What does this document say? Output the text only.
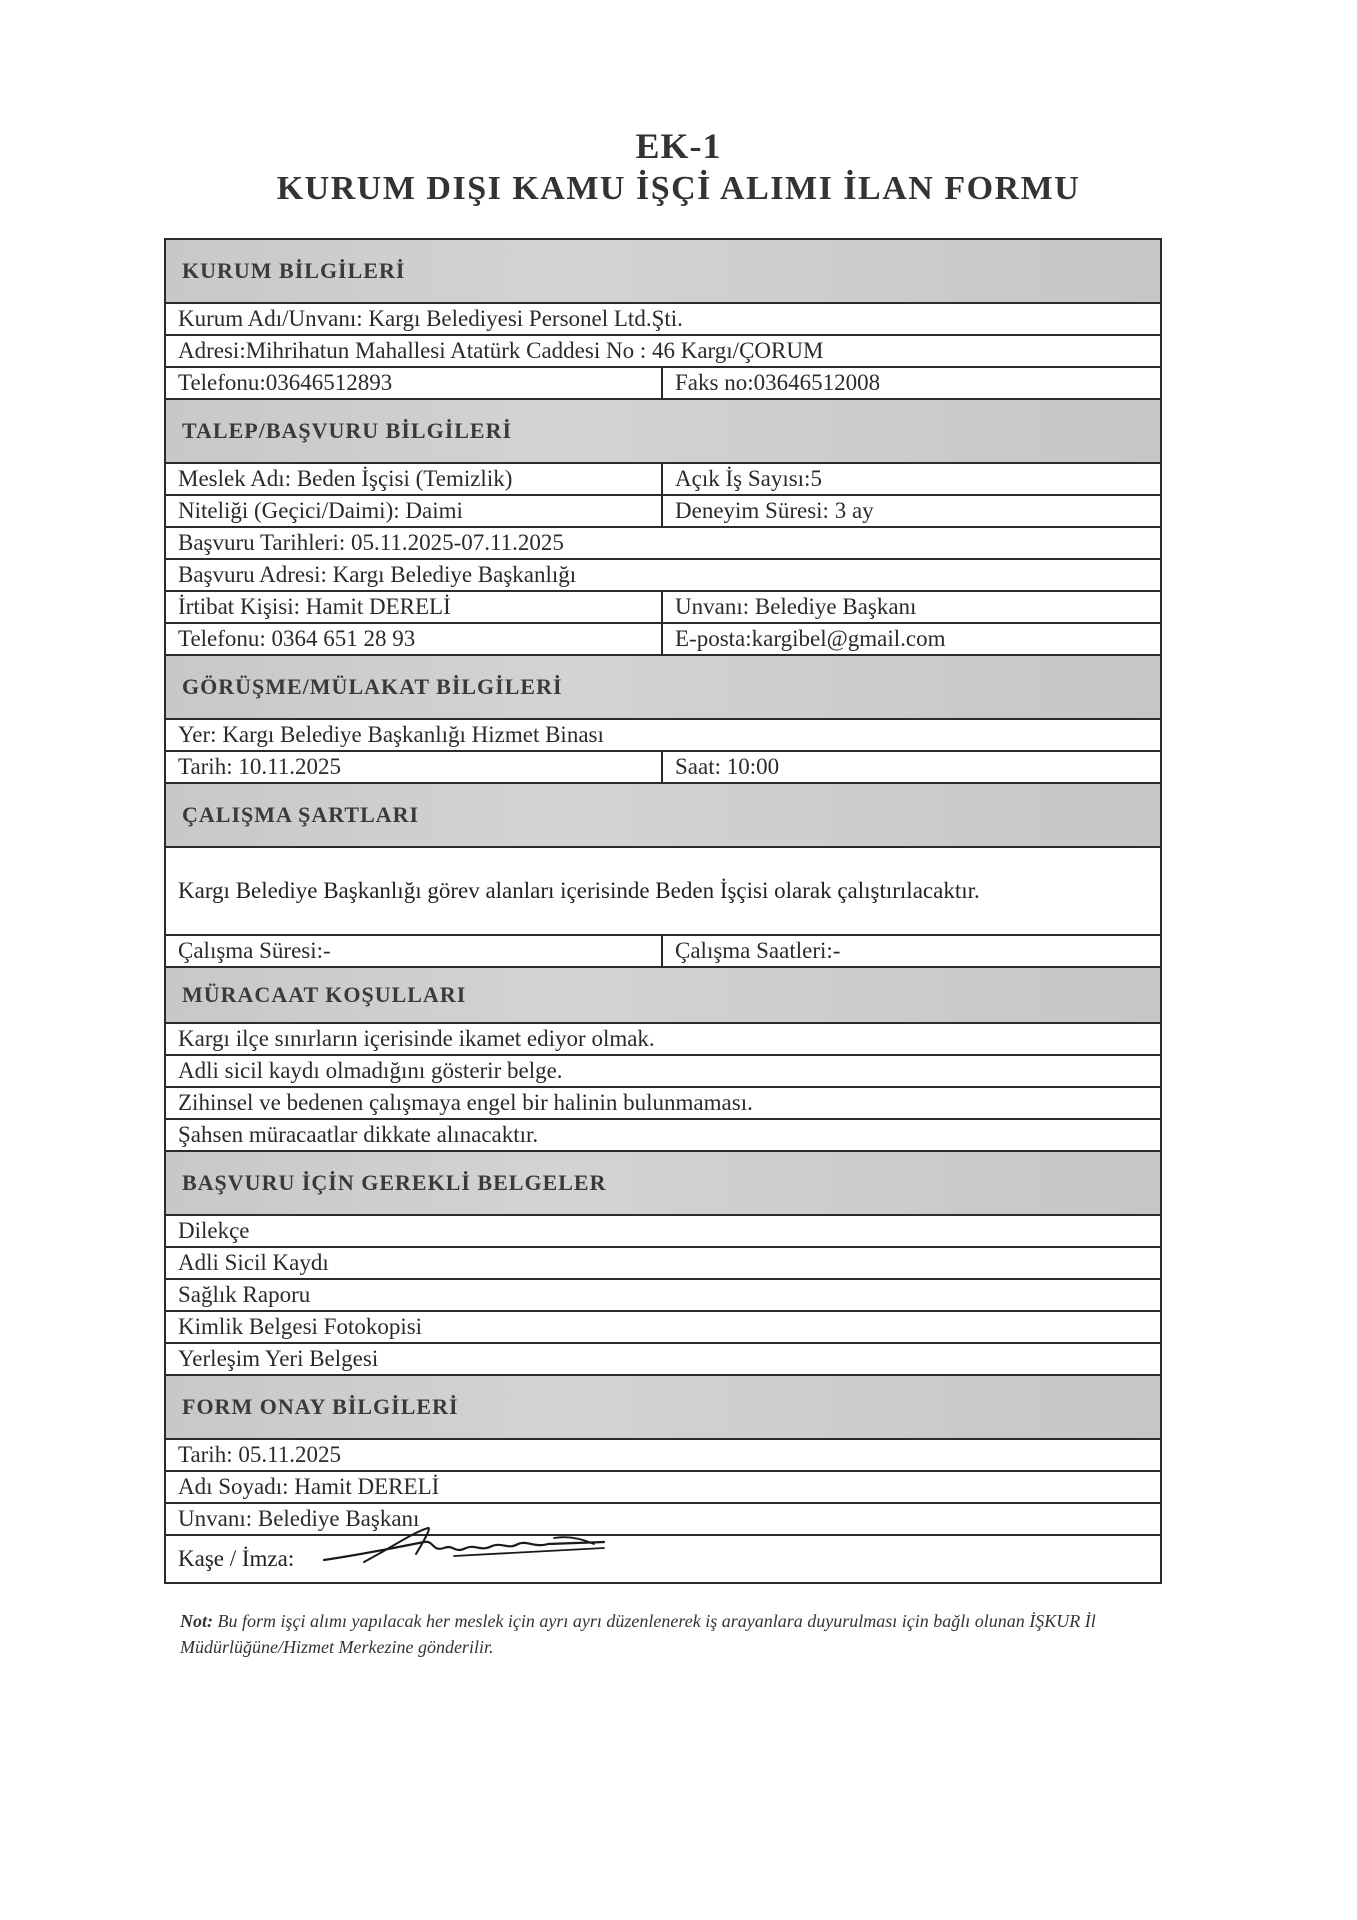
EK-1
KURUM DIŞI KAMU İŞÇİ ALIMI İLAN FORMU
KURUM BİLGİLERİ
Kurum Adı/Unvanı: Kargı Belediyesi Personel Ltd.Şti.
Adresi:Mihrihatun Mahallesi Atatürk Caddesi No : 46 Kargı/ÇORUM
Telefonu:03646512893	Faks no:03646512008
TALEP/BAŞVURU BİLGİLERİ
Meslek Adı: Beden İşçisi (Temizlik)	Açık İş Sayısı:5
Niteliği (Geçici/Daimi): Daimi	Deneyim Süresi: 3 ay
Başvuru Tarihleri: 05.11.2025-07.11.2025
Başvuru Adresi: Kargı Belediye Başkanlığı
İrtibat Kişisi: Hamit DERELİ	Unvanı: Belediye Başkanı
Telefonu: 0364 651 28 93	E-posta:kargibel@gmail.com
GÖRÜŞME/MÜLAKAT BİLGİLERİ
Yer: Kargı Belediye Başkanlığı Hizmet Binası
Tarih: 10.11.2025	Saat: 10:00
ÇALIŞMA ŞARTLARI
Kargı Belediye Başkanlığı görev alanları içerisinde Beden İşçisi olarak çalıştırılacaktır.
Çalışma Süresi:-	Çalışma Saatleri:-
MÜRACAAT KOŞULLARI
Kargı ilçe sınırların içerisinde ikamet ediyor olmak.
Adli sicil kaydı olmadığını gösterir belge.
Zihinsel ve bedenen çalışmaya engel bir halinin bulunmaması.
Şahsen müracaatlar dikkate alınacaktır.
BAŞVURU İÇİN GEREKLİ BELGELER
Dilekçe
Adli Sicil Kaydı
Sağlık Raporu
Kimlik Belgesi Fotokopisi
Yerleşim Yeri Belgesi
FORM ONAY BİLGİLERİ
Tarih: 05.11.2025
Adı Soyadı: Hamit DERELİ
Unvanı: Belediye Başkanı
Kaşe / İmza:
Not: Bu form işçi alımı yapılacak her meslek için ayrı ayrı düzenlenerek iş arayanlara duyurulması için bağlı olunan İŞKUR İl Müdürlüğüne/Hizmet Merkezine gönderilir.
